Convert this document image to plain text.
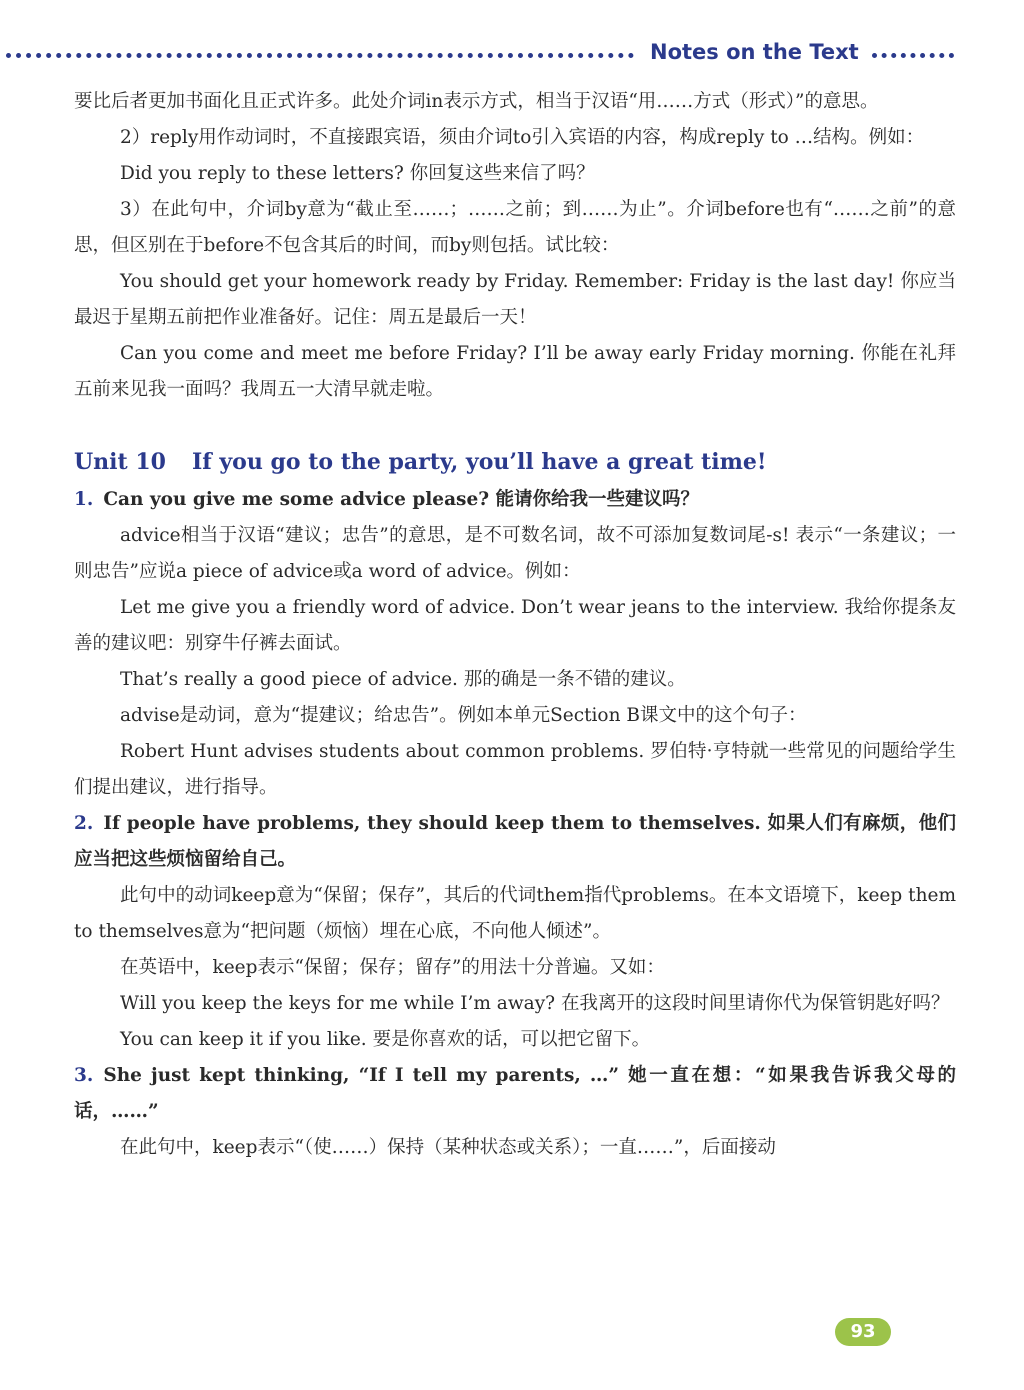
Notes on the Text

要比后者更加书面化且正式许多。此处介词in表示方式，相当于汉语“用……方式（形式）”的意思。

2）reply用作动词时，不直接跟宾语，须由介词to引入宾语的内容，构成reply to …结构。例如：

Did you reply to these letters? 你回复这些来信了吗？

3）在此句中，介词by意为“截止至……；……之前；到……为止”。介词before也有“……之前”的意思，但区别在于before不包含其后的时间，而by则包括。试比较：

You should get your homework ready by Friday. Remember: Friday is the last day! 你应当最迟于星期五前把作业准备好。记住：周五是最后一天！

Can you come and meet me before Friday? I’ll be away early Friday morning. 你能在礼拜五前来见我一面吗？我周五一大清早就走啦。

Unit 10 If you go to the party, you’ll have a great time!

1. Can you give me some advice please? 能请你给我一些建议吗？

advice相当于汉语“建议；忠告”的意思，是不可数名词，故不可添加复数词尾-s! 表示“一条建议；一则忠告”应说a piece of advice或a word of advice。例如：

Let me give you a friendly word of advice. Don’t wear jeans to the interview. 我给你提条友善的建议吧：别穿牛仔裤去面试。

That’s really a good piece of advice. 那的确是一条不错的建议。

advise是动词，意为“提建议；给忠告”。例如本单元Section B课文中的这个句子：

Robert Hunt advises students about common problems. 罗伯特·亨特就一些常见的问题给学生们提出建议，进行指导。

2. If people have problems, they should keep them to themselves. 如果人们有麻烦，他们应当把这些烦恼留给自己。

此句中的动词keep意为“保留；保存”，其后的代词them指代problems。在本文语境下，keep them to themselves意为“把问题（烦恼）埋在心底，不向他人倾述”。

在英语中，keep表示“保留；保存；留存”的用法十分普遍。又如：

Will you keep the keys for me while I’m away? 在我离开的这段时间里请你代为保管钥匙好吗？

You can keep it if you like. 要是你喜欢的话，可以把它留下。

3. She just kept thinking, “If I tell my parents, …” 她一直在想：“如果我告诉我父母的话，……”

在此句中，keep表示“（使……）保持（某种状态或关系）；一直……”，后面接动

93
